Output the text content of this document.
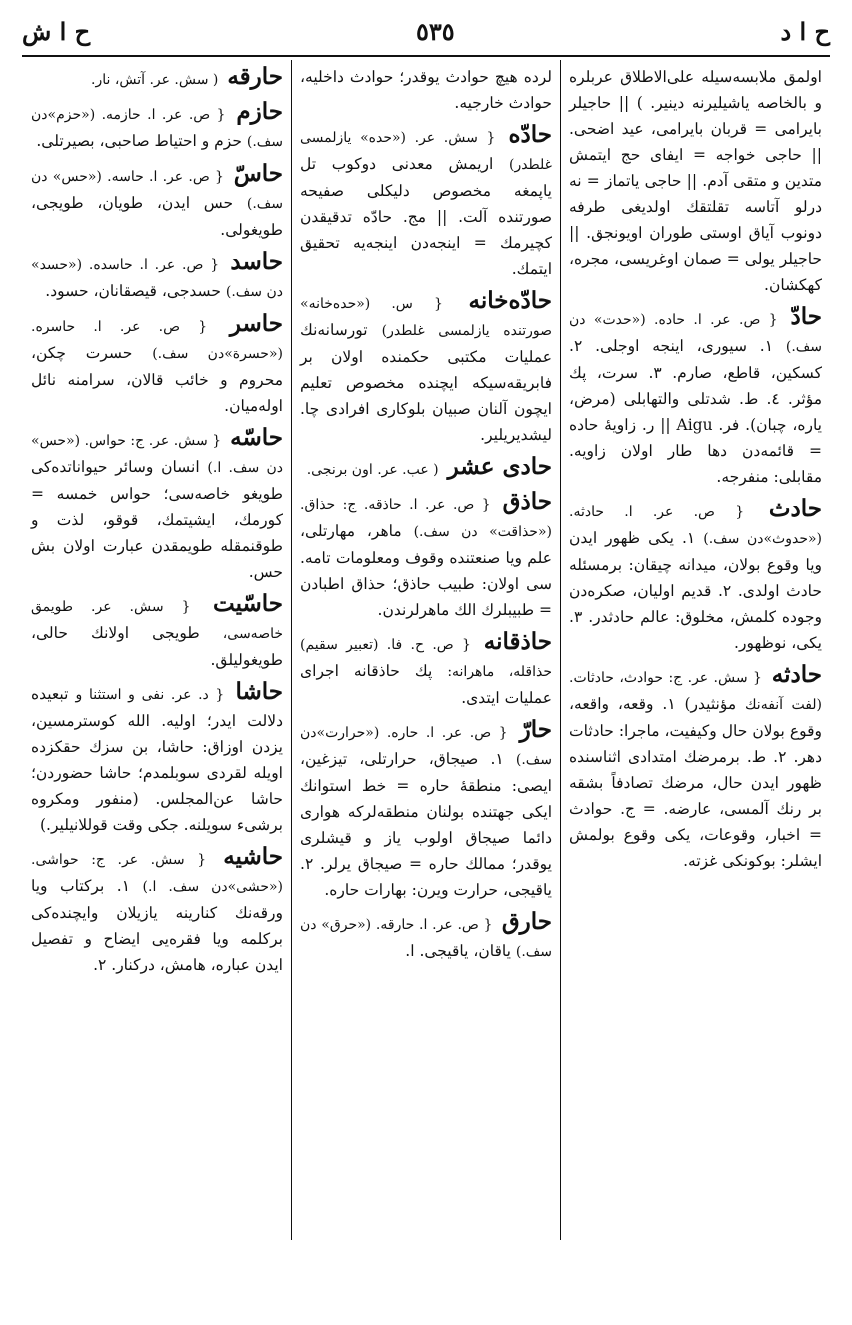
ح ا د
٥٣٥
ح ا ش

اولمق ملابسه‌سیله علی‌الاطلاق عربلره و بالخاصه یاشیلیرنه دینیر. ) || حاجیلر بایرامی = قربان بایرامی، عید اضحی. || حاجی خواجه = ایفای حج ایتمش متدین و متقی آدم. || حاجی یاتماز = نه درلو آتاسه تقلتقك اولدیغی طرفه دونوب آیاق اوستی طوران اویونجق. || حاجیلر یولی = صمان اوغریسی، مجره، کهکشان.

حادّ { ص. عر. ا. حاده. («حدت» دن سف.) ١. سیوری، اینجه اوجلی. ٢. کسکین، قاطع، صارم. ٣. سرت، پك مؤثر. ٤. ط. شدتلی والتهابلی (مرض، یاره، چبان). فر. Aigu || ر. زاویهٔ حاده = قائمه‌دن دها طار اولان زاویه. مقابلی: منفرجه.

حادث { ص. عر. ا. حادثه. («حدوث»دن سف.) ١. یکی ظهور ایدن ویا وقوع بولان، میدانه چیقان: برمسئله حادث اولدی. ٢. قدیم اولیان، صکره‌دن وجوده کلمش، مخلوق: عالم حادثدر. ٣. یکی، نوظهور.

حادثه { سش. عر. ج: حوادث، حادثات. (لفت آنفه‌نك مؤنثیدر) ١. وقعه، واقعه، وقوع بولان حال وکیفیت، ماجرا: حادثات دهر. ٢. ط. برمرضك امتدادی اثناسنده ظهور ایدن حال، مرضك تصادفاً بشقه بر رنك آلمسی، عارضه. = ج. حوادث = اخبار، وقوعات، یکی وقوع بولمش ایشلر: بوکونکی غزته.

لرده هیچ حوادث یوقدر؛ حوادث داخلیه، حوادث خارجیه.

حادّه { سش. عر. («حده» یازلمسی غلطدر) اریمش معدنی دوکوب تل یاپمغه مخصوص دلیکلی صفیحه صورتنده آلت. || مج. حادّه تدقیقدن کچیرمك = اینجه‌دن اینجه‌یه تحقیق ایتمك.

حادّه‌خانه { س. («حده‌خانه» صورتنده یازلمسی غلطدر) تورسانه‌نك عملیات مکتبی حکمنده اولان بر فابریقه‌سیکه ایچنده مخصوص تعلیم ایچون آلنان صبیان بلوکاری افرادی چا. لیشدیریلیر.

حادی عشر ( عب. عر. اون برنجی.

حاذق { ص. عر. ا. حاذقه. ج: حذاق. («حذاقت» دن سف.) ماهر، مهارتلی، علم ویا صنعتنده وقوف ومعلومات تامه. سی اولان: طبیب حاذق؛ حذاق اطبادن = طبیبلرك الك ماهرلرندن.

حاذقانه { ص. ح. فا. (تعبیر سقیم) حذاقله، ماهرانه: پك حاذقانه اجرای عملیات ایتدی.

حارّ { ص. عر. ا. حاره. («حرارت»دن سف.) ١. صیجاق، حرارتلی، تیزغین، ایصی: منطقهٔ حاره = خط استوانك ایکی جهتنده بولنان منطقه‌لرکه هواری دائما صیجاق اولوب یاز و قیشلری یوقدر؛ ممالك حاره = صیجاق یرلر. ٢. یاقیجی، حرارت ویرن: بهارات حاره.

حارق { ص. عر. ا. حارقه. («حرق» دن سف.) یاقان، یاقیجی. ا.

حارقه ( سش. عر. آتش، نار.

حازم { ص. عر. ا. حازمه. («حزم»دن سف.) حزم و احتیاط صاحبی، بصیرتلی.

حاسّ { ص. عر. ا. حاسه. («حس» دن سف.) حس ایدن، طویان، طویجی، طویغولی.

حاسد { ص. عر. ا. حاسده. («حسد» دن سف.) حسدجی، قیصقانان، حسود.

حاسر { ص. عر. ا. حاسره. («حسرة»دن سف.) حسرت چکن، محروم و خائب قالان، سرامنه نائل اوله‌میان.

حاسّه { سش. عر. ج: حواس. («حس» دن سف. ا.) انسان وسائر حیواناتده‌کی طویغو خاصه‌سی؛ حواس خمسه = کورمك، ایشیتمك، قوقو، لذت و طوقنمقله طویمقدن عبارت اولان بش حس.

حاسّیت { سش. عر. طویمق خاصه‌سی، طویجی اولانك حالی، طویغولیلق.

حاشا { د. عر. نفی و استثنا و تبعیده دلالت ایدر؛ اولیه. الله کوسترمسین، یزدن اوزاق: حاشا، بن سزك حقکزده اویله لقردی سوبلمدم؛ حاشا حضوردن؛ حاشا عن‌المجلس. (منفور ومکروه برشیء سویلنه. جکی وقت قوللانیلیر.)

حاشیه { سش. عر. ج: حواشی. («حشی»دن سف. ا.) ١. برکتاب ویا ورقه‌نك کنارینه یازیلان وایچنده‌کی برکلمه ویا فقره‌یی ایضاح و تفصیل ایدن عباره، هامش، درکنار. ٢.
